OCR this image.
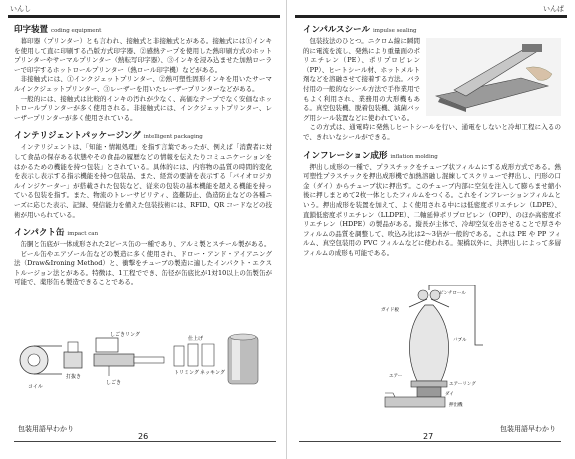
いんし
印字装置 coding equipment

暮印器（プリンター）とも言われ、接触式と非接触式とがある。接触式には①インキを使用して直に印刷する凸版方式印字器、②感熱テープを使用した熱印刷方式のホットプリンターやサーマルプリンター（熱転写印字器）、③インキを浸み込ませた加熱ローラーで印字するホットロールプリンター（熱ロール印字機）などがある。

非接触式には、①インクジェットプリンター、②熱可塑性固形インキを用いたサーマルインクジェットプリンター、③レーザーを用いたレーザープリンターなどがある。

一般的には、接触式は比較的インキの汚れが少なく、高価なテープでなく安価なホットロールプリンターが多く使用される。非接触式には、インクジェットプリンター、レーザープリンターが多く使用されている。

インテリジェントパッケージング intelligent packaging

インテリジェントは、「知能・情報処理」を指す言葉であったが、例えば「消費者に対して食品の保存ある状態やその食品の履歴などの情報を伝えたりコミュニケーションをはかるための機能を持つ包装」とされている。具体的には、内容物の品質の時間的変化を表示し表示する指示機能を持つ包装品、また、経営の要請を表示する「バイオロジカルインジケーター」が搭載された包装など、従来の包装の基本機能を超える機能を持っている包装を指す。また、物流のトレーサビリティ、盗難防止、偽造防止などの各種ニーズに応じた表示、記録、発信能力を備えた包装技術には、RFID、QR コードなどの技術が用いられている。

インパクト缶 impact can

缶胴と缶底が一体成形された2ピース缶の一種であり、アルミ製とスチール製がある。

ビール缶やエアゾール缶などの製造に多く使用され、ドロー・アンド・アイアニング法（Draw&Ironing Method）と、衝撃をチューブの製造に適したインパクト・エクストルージョン法とがある。特徴は、1工程ででき、缶径が缶底比が1対10以上の缶製缶が可能で、薬形缶も製造できることである。

コイル
打抜き
しごきリング
しごき
トリミング
仕上げ
ネッキング
包装用語早わかり
26
いんぱ
インパルスシール impulse sealing

包装技法のひとつ。ニクロム線に瞬間的に電流を流し、発熱により重量面のポリエチレン（PE）、ポリプロピレン（PP）、ヒートシール材、ホットメルト剤などを溶融させて接着する方法。バラ付用の一般的なシール方法で手作業用でもよく利用され、業務用の大形機もある。真空包装機、脱着包装機、減菌バッグ用シール装置などに使われている。

この方式は、通電時に発熱しヒートシールを行い、通電をしないと冷却工程に入るので、きれいなシールができる。

インフレーション成形 inflation molding

押出し成形の一種で、プラスチックをチューブ状フィルムにする成形方式である。熱可塑性プラスチックを押出成形機で加熱溶融し混練してスクリューで押出し、円形の口金（ダイ）からチューブ状に押出す。このチューブ内部に空気を注入して膨らませ縮小後に押しまとめて2枚一体としたフィルムをつくる。これをインフレーションフィルムという。押出成形を装置を加えて、よく使用される中には低密度ポリエチレン（LDPE）、直鎖低密度ポリエチレン（LLDPE）、二軸延伸ポリプロピレン（OPP）、のほか高密度ポリエチレン（HDPE）の製品がある。縦長が主体で、冷却空気を出させることで厚さやフィルムの品質を調整して、吹込み比は2〜3倍が一般的である。これは PE や PP フィルム、真空包装用の PVC フィルムなどに使われる。架橋以外に、共押出しによって多層フィルムの成形も可能である。

ピンチロール
ガイド板
バブル
エアー
エアーリング
ダイ
押出機
包装用語早わかり
27
